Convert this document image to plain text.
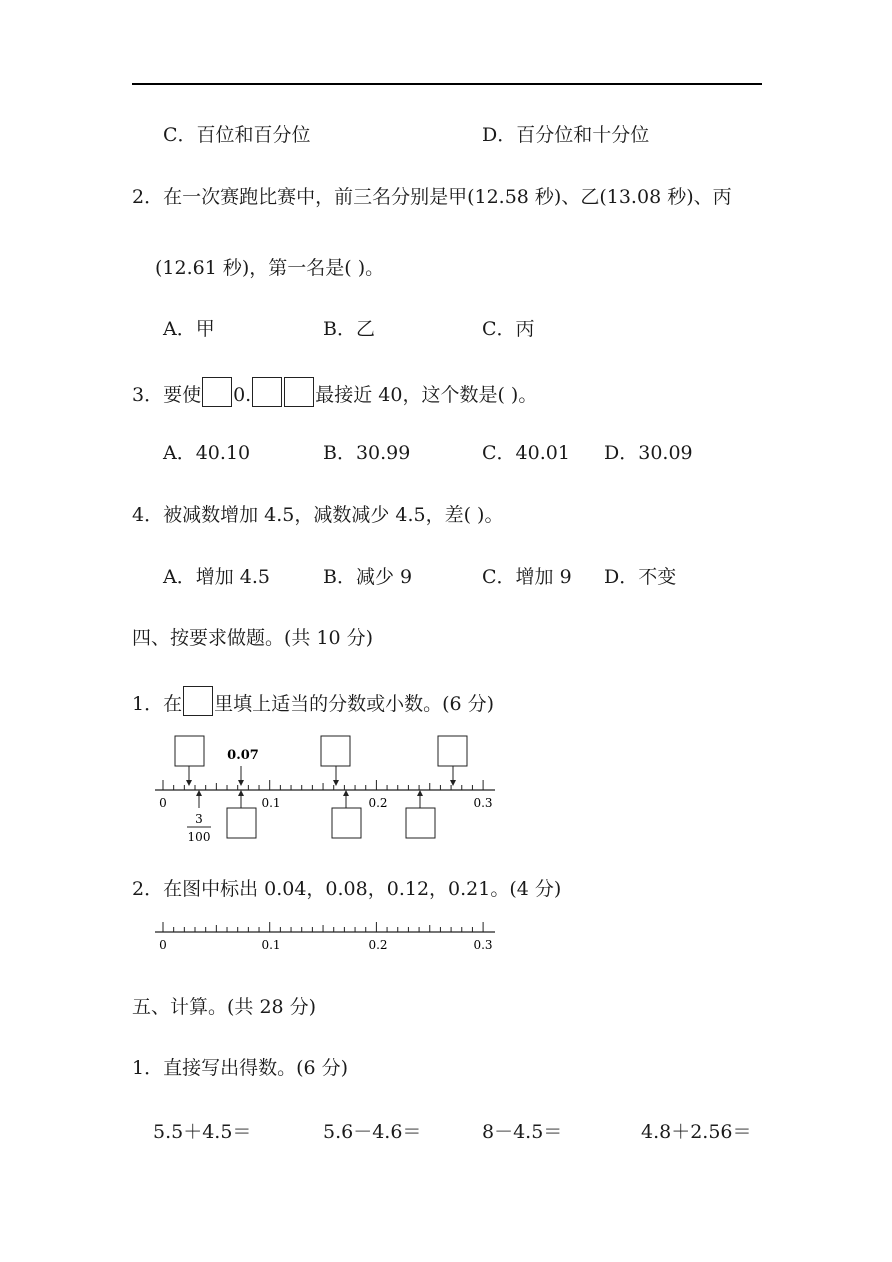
C．百位和百分位	D．百分位和十分位
2．在一次赛跑比赛中，前三名分别是甲(12.58 秒)、乙(13.08 秒)、丙
(12.61 秒)，第一名是( )。
A．甲	B．乙	C．丙
3．要使 0.	最接近 40，这个数是( )。
A．40.10	B．30.99	C．40.01 D．30.09
4．被减数增加 4.5，减数减少 4.5，差( )。
A．增加 4.5	B．减少 9	C．增加 9 D．不变
四、按要求做题。(共 10 分)
1．在 里填上适当的分数或小数。(6 分)
0	0.1	0.2	0.3
0.07
3
100
2．在图中标出 0.04，0.08，0.12，0.21。(4 分)
0	0.1	0.2	0.3
五、计算。(共 28 分)
1．直接写出得数。(6 分)
5.5＋4.5＝	5.6－4.6＝	8－4.5＝	4.8＋2.56＝
